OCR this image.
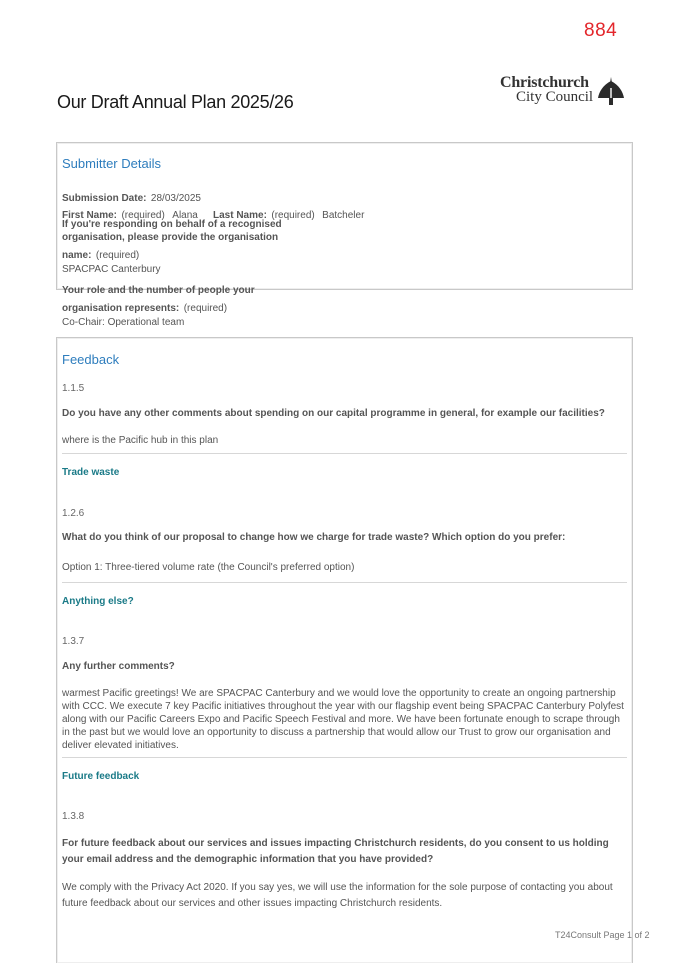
884
Our Draft Annual Plan 2025/26
Christchurch
City Council
Submitter Details
Submission Date: 28/03/2025
First Name: (required) Alana Last Name: (required) Batcheler
If you're responding on behalf of a recognised
organisation, please provide the organisation
name: (required)
SPACPAC Canterbury
Your role and the number of people your
organisation represents: (required)
Co-Chair: Operational team
Feedback
1.1.5
Do you have any other comments about spending on our capital programme in general, for example our facilities?
where is the Pacific hub in this plan
Trade waste
1.2.6
What do you think of our proposal to change how we charge for trade waste? Which option do you prefer:
Option 1: Three-tiered volume rate (the Council's preferred option)
Anything else?
1.3.7
Any further comments?
warmest Pacific greetings! We are SPACPAC Canterbury and we would love the opportunity to create an ongoing partnership with CCC. We execute 7 key Pacific initiatives throughout the year with our flagship event being SPACPAC Canterbury Polyfest along with our Pacific Careers Expo and Pacific Speech Festival and more. We have been fortunate enough to scrape through in the past but we would love an opportunity to discuss a partnership that would allow our Trust to grow our organisation and deliver elevated initiatives.
Future feedback
1.3.8
For future feedback about our services and issues impacting Christchurch residents, do you consent to us holding your email address and the demographic information that you have provided?
We comply with the Privacy Act 2020. If you say yes, we will use the information for the sole purpose of contacting you about future feedback about our services and other issues impacting Christchurch residents.
T24Consult Page 1 of 2
